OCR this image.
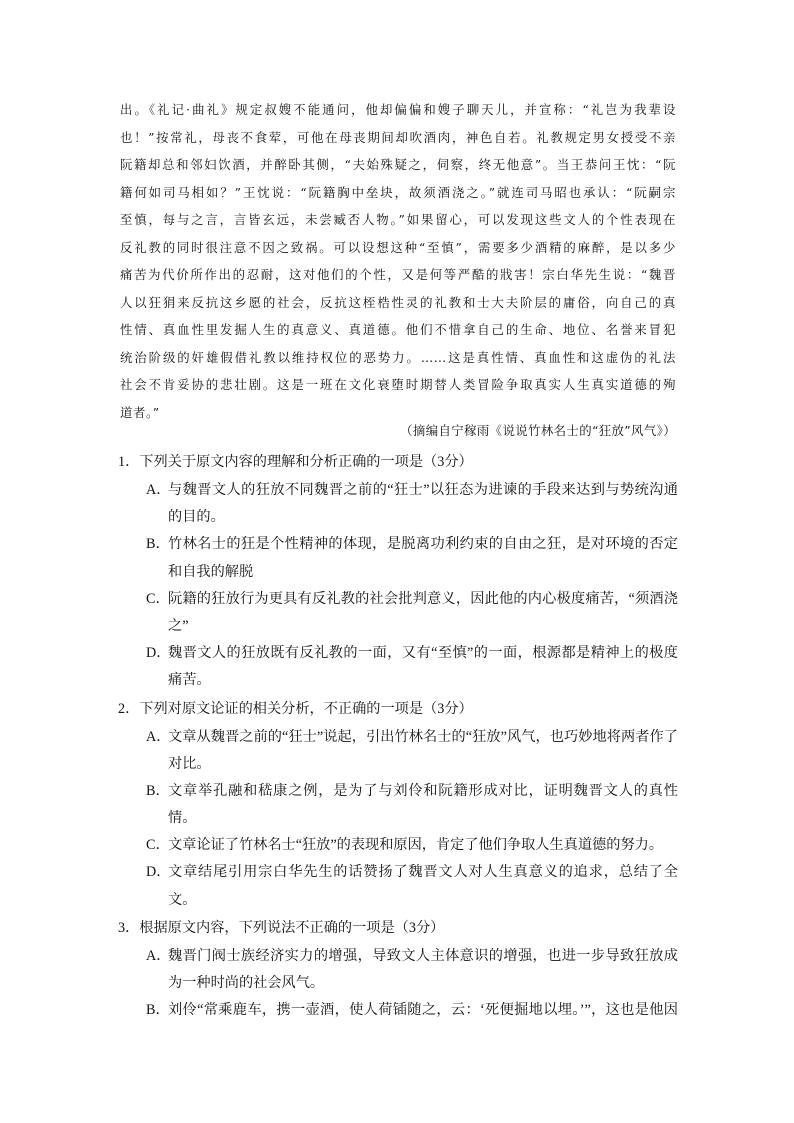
出。《礼记·曲礼》规定叔嫂不能通问，他却偏偏和嫂子聊天儿，并宣称：“礼岂为我辈设
也！”按常礼，母丧不食荤，可他在母丧期间却吹酒肉，神色自若。礼教规定男女授受不亲
阮籍却总和邻妇饮酒，并醉卧其侧，“夫始殊疑之，伺察，终无他意”。当王恭问王忱：“阮
籍何如司马相如？”王忱说：“阮籍胸中垒块，故须酒浇之。”就连司马昭也承认：“阮嗣宗
至慎，每与之言，言皆玄远，未尝臧否人物。”如果留心，可以发现这些文人的个性表现在
反礼教的同时很注意不因之致祸。可以设想这种“至慎”，需要多少酒精的麻醉，是以多少
痛苦为代价所作出的忍耐，这对他们的个性，又是何等严酷的戕害！宗白华先生说：“魏晋
人以狂狷来反抗这乡愿的社会，反抗这桎梏性灵的礼教和士大夫阶层的庸俗，向自己的真
性情、真血性里发掘人生的真意义、真道德。他们不惜拿自己的生命、地位、名誉来冒犯
统治阶级的奸雄假借礼教以维持权位的恶势力。……这是真性情、真血性和这虚伪的礼法
社会不肯妥协的悲壮剧。这是一班在文化衰堕时期替人类冒险争取真实人生真实道德的殉
道者。”
（摘编自宁稼雨《说说竹林名士的“狂放”风气》）
1．下列关于原文内容的理解和分析正确的一项是（3分）
A．
与魏晋文人的狂放不同魏晋之前的“狂士”以狂态为进谏的手段来达到与势统沟通
的目的。
B．
竹林名士的狂是个性精神的体现，是脱离功利约束的自由之狂，是对环境的否定
和自我的解脱
C．
阮籍的狂放行为更具有反礼教的社会批判意义，因此他的内心极度痛苦，“须酒浇
之”
D．
魏晋文人的狂放既有反礼教的一面，又有“至慎”的一面，根源都是精神上的极度
痛苦。
2．下列对原文论证的相关分析，不正确的一项是（3分）
A．
文章从魏晋之前的“狂士”说起，引出竹林名士的“狂放”风气，也巧妙地将两者作了
对比。
B．
文章举孔融和嵇康之例，是为了与刘伶和阮籍形成对比，证明魏晋文人的真性
情。
C．
文章论证了竹林名士“狂放”的表现和原因，肯定了他们争取人生真道德的努力。
D．
文章结尾引用宗白华先生的话赞扬了魏晋文人对人生真意义的追求，总结了全
文。
3．根据原文内容，下列说法不正确的一项是（3分）
A．
魏晋门阀士族经济实力的增强，导致文人主体意识的增强，也进一步导致狂放成
为一种时尚的社会风气。
B．
刘伶“常乘鹿车，携一壶酒，使人荷锸随之，云：‘死便掘地以埋。’”，这也是他因
